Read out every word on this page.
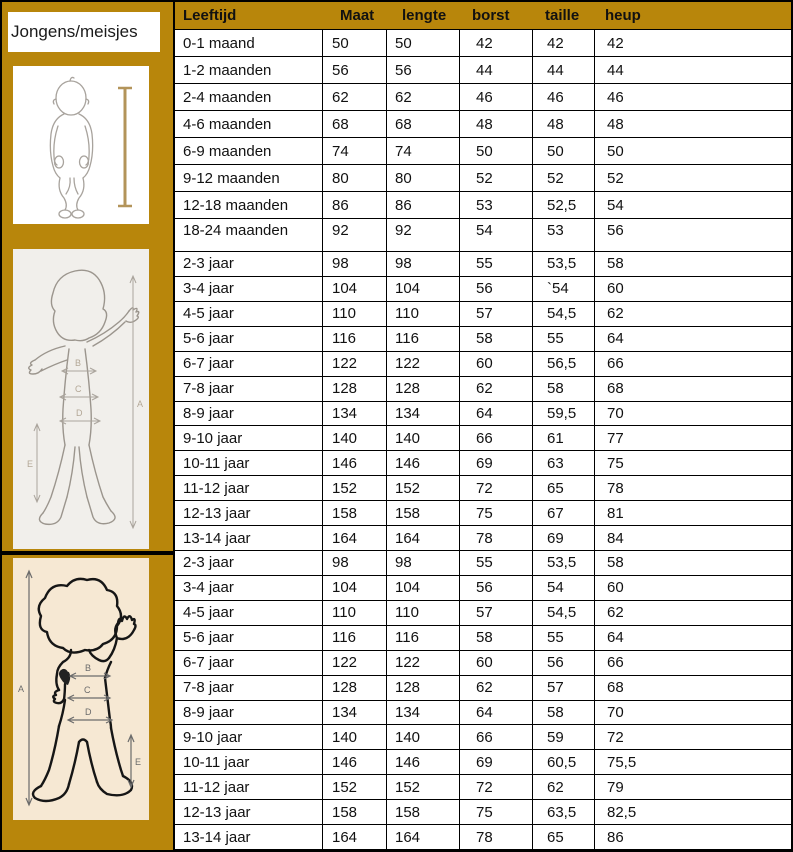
Jongens/meisjes
A
B
C
D
E
A
B
C
D
E
Leeftijd	Maat	lengte	borst	taille	heup
0-1 maand	50	50	42	42	42
1-2 maanden	56	56	44	44	44
2-4 maanden	62	62	46	46	46
4-6 maanden	68	68	48	48	48
6-9 maanden	74	74	50	50	50
9-12 maanden	80	80	52	52	52
12-18 maanden	86	86	53	52,5	54
18-24 maanden	92	92	54	53	56
2-3 jaar	98	98	55	53,5	58
3-4 jaar	104	104	56	`54	60
4-5 jaar	110	110	57	54,5	62
5-6 jaar	116	116	58	55	64
6-7 jaar	122	122	60	56,5	66
7-8 jaar	128	128	62	58	68
8-9 jaar	134	134	64	59,5	70
9-10 jaar	140	140	66	61	77
10-11 jaar	146	146	69	63	75
11-12 jaar	152	152	72	65	78
12-13 jaar	158	158	75	67	81
13-14 jaar	164	164	78	69	84
2-3 jaar	98	98	55	53,5	58
3-4 jaar	104	104	56	54	60
4-5 jaar	110	110	57	54,5	62
5-6 jaar	116	116	58	55	64
6-7 jaar	122	122	60	56	66
7-8 jaar	128	128	62	57	68
8-9 jaar	134	134	64	58	70
9-10 jaar	140	140	66	59	72
10-11 jaar	146	146	69	60,5	75,5
11-12 jaar	152	152	72	62	79
12-13 jaar	158	158	75	63,5	82,5
13-14 jaar	164	164	78	65	86
